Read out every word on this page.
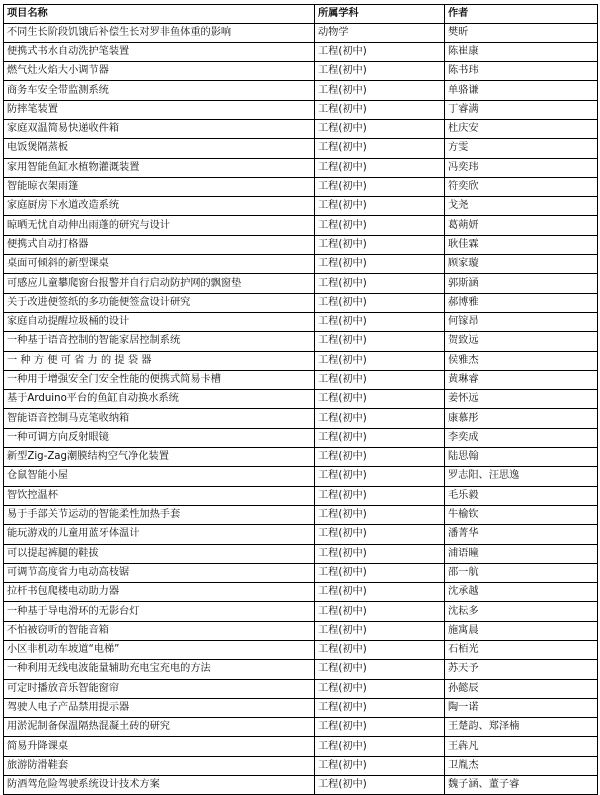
项目名称	所属学科	作者
不同生长阶段饥饿后补偿生长对罗非鱼体重的影响	动物学	樊昕
便携式书水自动洗护笔装置	工程(初中)	陈崔康
燃气灶火焰大小调节器	工程(初中)	陈书玮
商务车安全带监测系统	工程(初中)	单骆谦
防摔笔装置	工程(初中)	丁睿满
家庭双温简易快递收件箱	工程(初中)	杜庆安
电饭煲隔蒸板	工程(初中)	方雯
家用智能鱼缸水植物灌溉装置	工程(初中)	冯奕玮
智能晾衣架雨篷	工程(初中)	符奕欣
家庭厨房下水道改造系统	工程(初中)	戈尧
晾晒无忧自动伸出雨蓬的研究与设计	工程(初中)	葛蒴妍
便携式自动打格器	工程(初中)	耿佳霖
桌面可倾斜的新型课桌	工程(初中)	顾家璇
可感应儿童攀爬窗台报警并自行启动防护网的飘窗垫	工程(初中)	郭斯涵
关于改进便签纸的多功能便签盒设计研究	工程(初中)	郝博雅
家庭自动提醒垃圾桶的设计	工程(初中)	何镓昂
一种基于语音控制的智能家居控制系统	工程(初中)	贺致远
一 种 方 便 可 省 力 的 提 袋 器	工程(初中)	侯雅杰
一种用于增强安全门安全性能的便携式简易卡槽	工程(初中)	黄琳睿
基于Arduino平台的鱼缸自动换水系统	工程(初中)	姜怀远
智能语音控制马克笔收纳箱	工程(初中)	康慕彤
一种可调方向反射眼镜	工程(初中)	李奕成
新型Zig-Zag潮膜结构空气净化装置	工程(初中)	陆思翰
仓鼠智能小屋	工程(初中)	罗志阳、汪思逸
智饮控温杯	工程(初中)	毛乐毅
易于手部关节运动的智能柔性加热手套	工程(初中)	牛榆钦
能玩游戏的儿童用蓝牙体温计	工程(初中)	潘菁华
可以提起裤腿的鞋拔	工程(初中)	浦语瞳
可调节高度省力电动高枝锯	工程(初中)	邵一航
拉杆书包爬楼电动助力器	工程(初中)	沈承越
一种基于导电滑环的无影台灯	工程(初中)	沈耘多
不怕被窃听的智能音箱	工程(初中)	施寓晨
小区非机动车坡道“电梯”	工程(初中)	石栢光
一种利用无线电波能量辅助充电宝充电的方法	工程(初中)	苏天予
可定时播放音乐智能窗帘	工程(初中)	孙懿辰
驾驶人电子产品禁用提示器	工程(初中)	陶一诺
用淤泥制备保温隔热混凝土砖的研究	工程(初中)	王楚韵、郑泽楠
简易升降课桌	工程(初中)	王犇凡
旅游防滑鞋套	工程(初中)	卫胤杰
防酒驾危险驾驶系统设计技术方案	工程(初中)	魏子涵、董子睿
